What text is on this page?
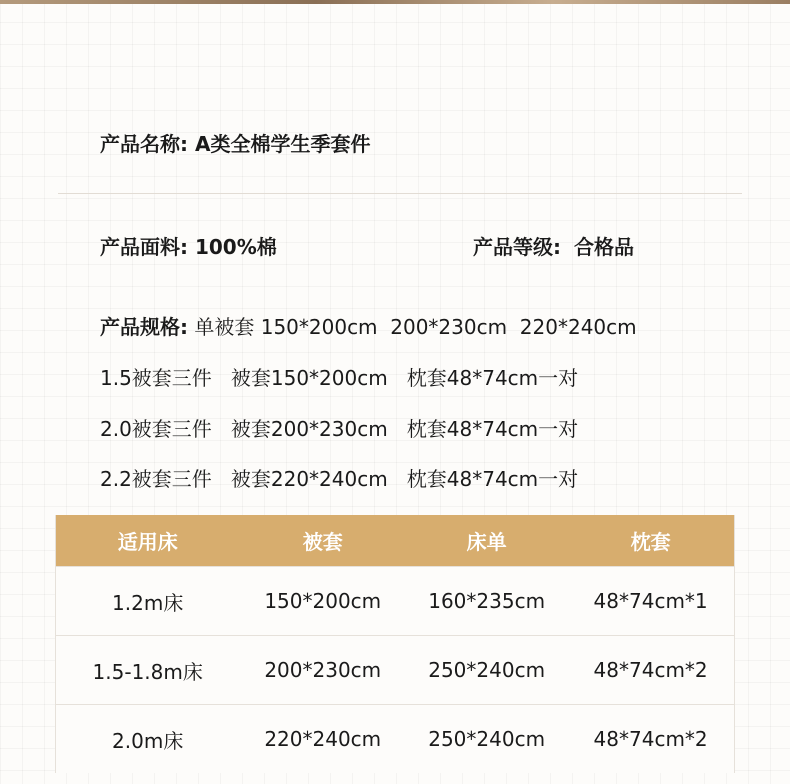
产品名称: A类全棉学生季套件
产品面料: 100%棉	产品等级: 合格品
产品规格: 单被套 150*200cm  200*230cm  220*240cm
1.5被套三件   被套150*200cm   枕套48*74cm一对
2.0被套三件   被套200*230cm   枕套48*74cm一对
2.2被套三件   被套220*240cm   枕套48*74cm一对
适用床	被套	床单	枕套
1.2m床	150*200cm	160*235cm	48*74cm*1
1.5-1.8m床	200*230cm	250*240cm	48*74cm*2
2.0m床	220*240cm	250*240cm	48*74cm*2
